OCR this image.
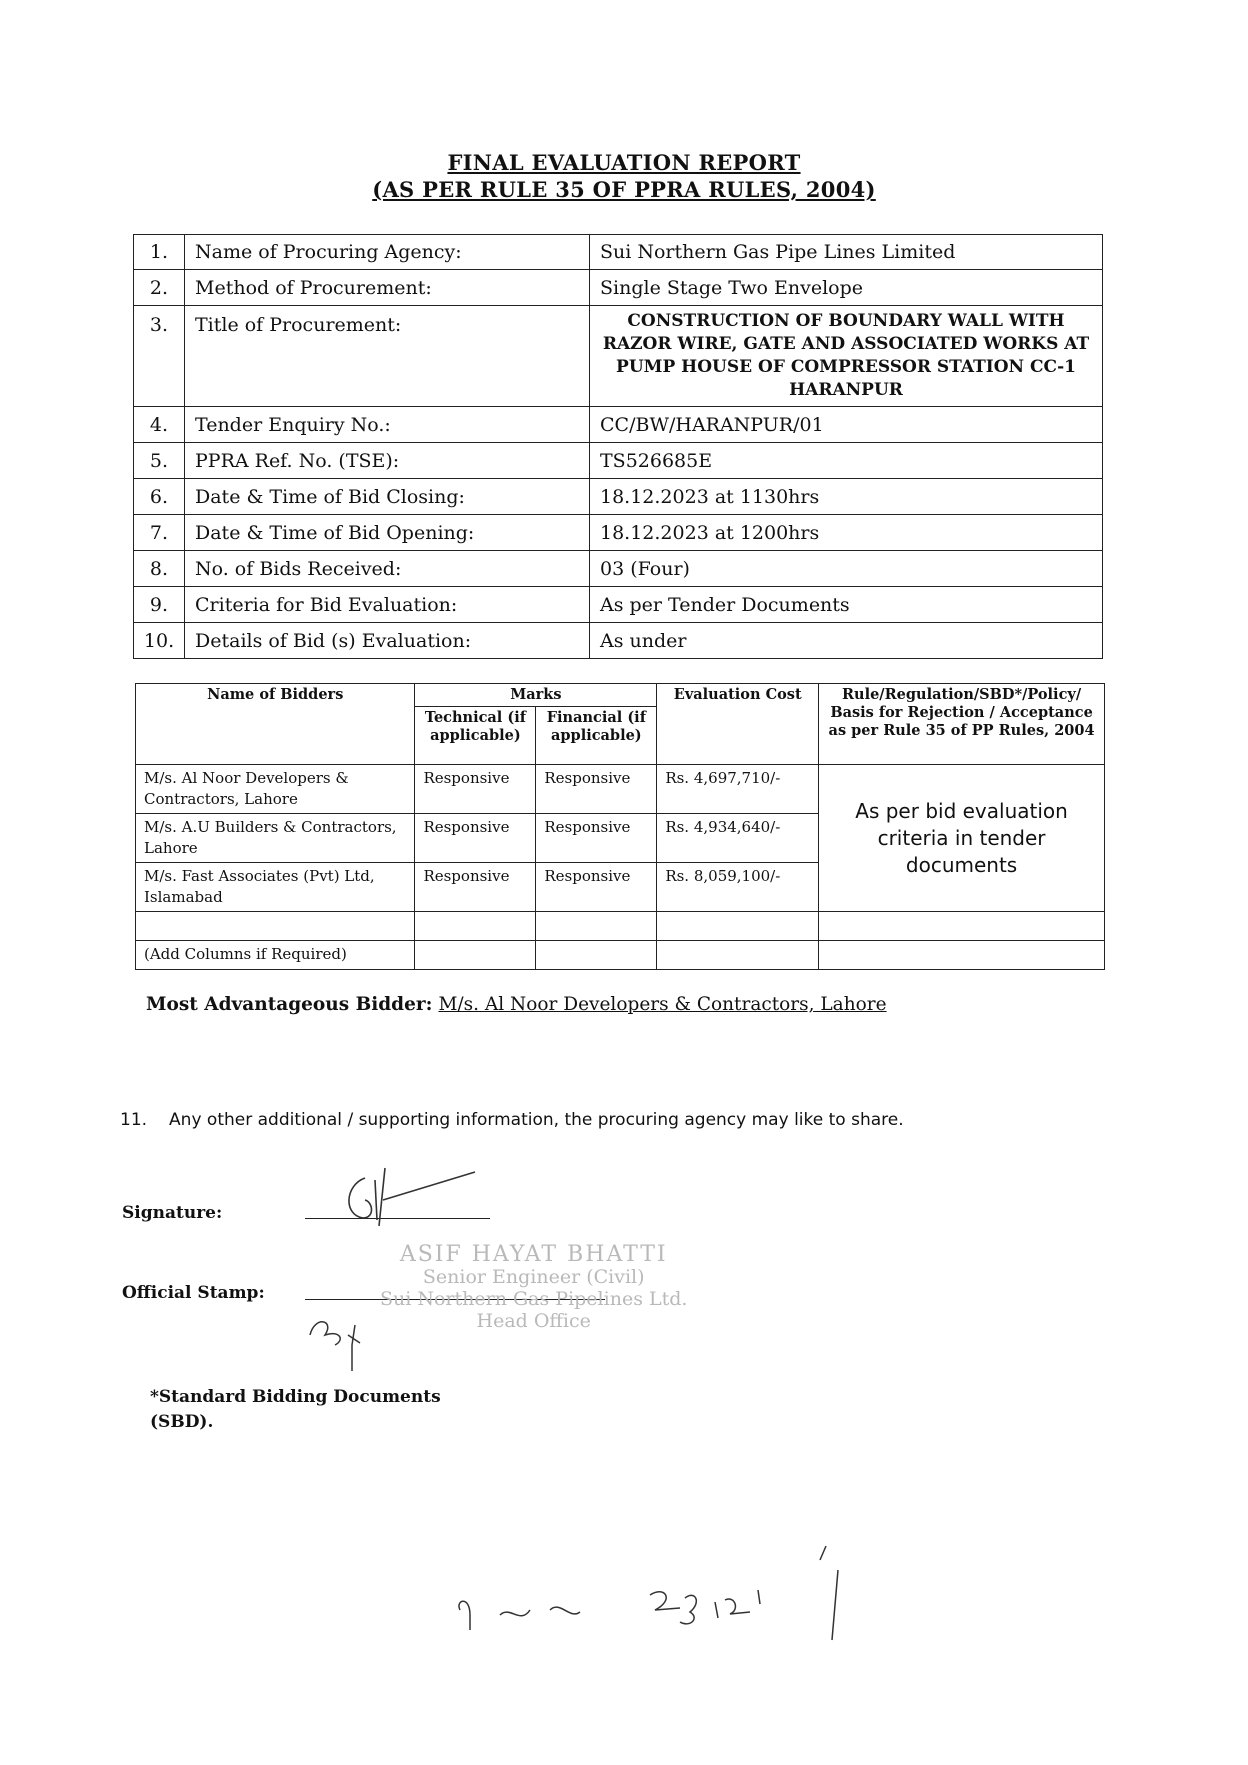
FINAL EVALUATION REPORT
(AS PER RULE 35 OF PPRA RULES, 2004)
1.	Name of Procuring Agency:	Sui Northern Gas Pipe Lines Limited
2.	Method of Procurement:	Single Stage Two Envelope
3.	Title of Procurement:	CONSTRUCTION OF BOUNDARY WALL WITH RAZOR WIRE, GATE AND ASSOCIATED WORKS AT PUMP HOUSE OF COMPRESSOR STATION CC-1 HARANPUR
4.	Tender Enquiry No.:	CC/BW/HARANPUR/01
5.	PPRA Ref. No. (TSE):	TS526685E
6.	Date & Time of Bid Closing:	18.12.2023 at 1130hrs
7.	Date & Time of Bid Opening:	18.12.2023 at 1200hrs
8.	No. of Bids Received:	03 (Four)
9.	Criteria for Bid Evaluation:	As per Tender Documents
10.	Details of Bid (s) Evaluation:	As under
Name of Bidders	Marks		Evaluation Cost	Rule/Regulation/SBD*/Policy/ Basis for Rejection / Acceptance as per Rule 35 of PP Rules, 2004
	Technical (if applicable)	Financial (if applicable)		
M/s. Al Noor Developers & Contractors, Lahore	Responsive	Responsive	Rs. 4,697,710/-	As per bid evaluation criteria in tender documents
M/s. A.U Builders & Contractors, Lahore	Responsive	Responsive	Rs. 4,934,640/-	
M/s. Fast Associates (Pvt) Ltd, Islamabad	Responsive	Responsive	Rs. 8,059,100/-	

(Add Columns if Required)				
Most Advantageous Bidder: M/s. Al Noor Developers & Contractors, Lahore
11. Any other additional / supporting information, the procuring agency may like to share.
Signature:
Official Stamp:
ASIF HAYAT BHATTI
Senior Engineer (Civil)
Sui Northern Gas Pipelines Ltd.
Head Office
*Standard Bidding Documents
(SBD).
